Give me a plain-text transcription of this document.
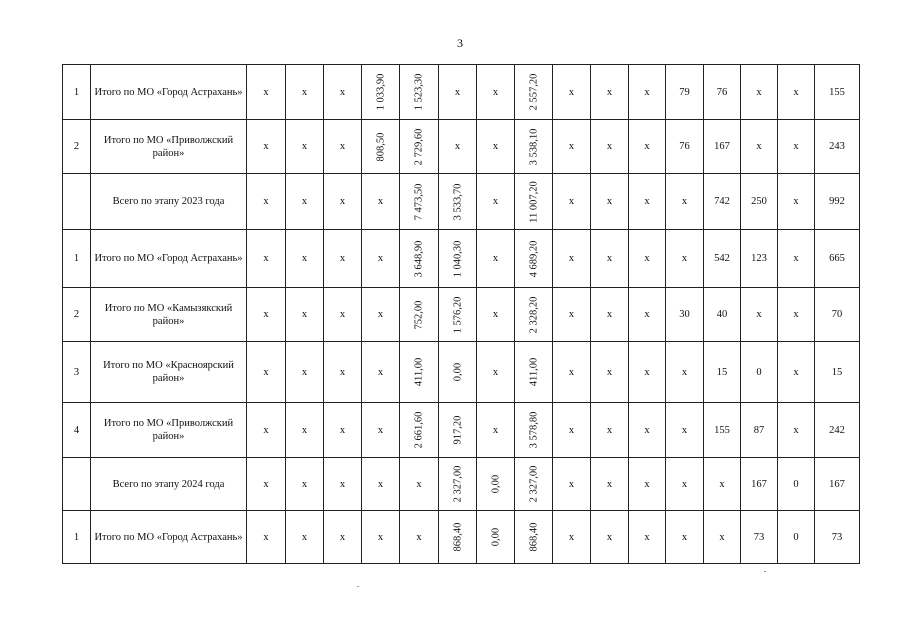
3
1	Итого по МО «Город Астрахань»	x	x	x	1 033,90	1 523,30	x	x	2 557,20	x	x	x	79	76	x	x	155
2	Итого по МО «Приволжский район»	x	x	x	808,50	2 729,60	x	x	3 538,10	x	x	x	76	167	x	x	243
	Всего по этапу 2023 года	x	x	x	x	7 473,50	3 533,70	x	11 007,20	x	x	x	x	742	250	x	992
1	Итого по МО «Город Астрахань»	x	x	x	x	3 648,90	1 040,30	x	4 689,20	x	x	x	x	542	123	x	665
2	Итого по МО «Камызякский район»	x	x	x	x	752,00	1 576,20	x	2 328,20	x	x	x	30	40	x	x	70
3	Итого по МО «Красноярский район»	x	x	x	x	411,00	0,00	x	411,00	x	x	x	x	15	0	x	15
4	Итого по МО «Приволжский район»	x	x	x	x	2 661,60	917,20	x	3 578,80	x	x	x	x	155	87	x	242
	Всего по этапу 2024 года	x	x	x	x	x	2 327,00	0,00	2 327,00	x	x	x	x	x	167	0	167
1	Итого по МО «Город Астрахань»	x	x	x	x	x	868,40	0,00	868,40	x	x	x	x	x	73	0	73
